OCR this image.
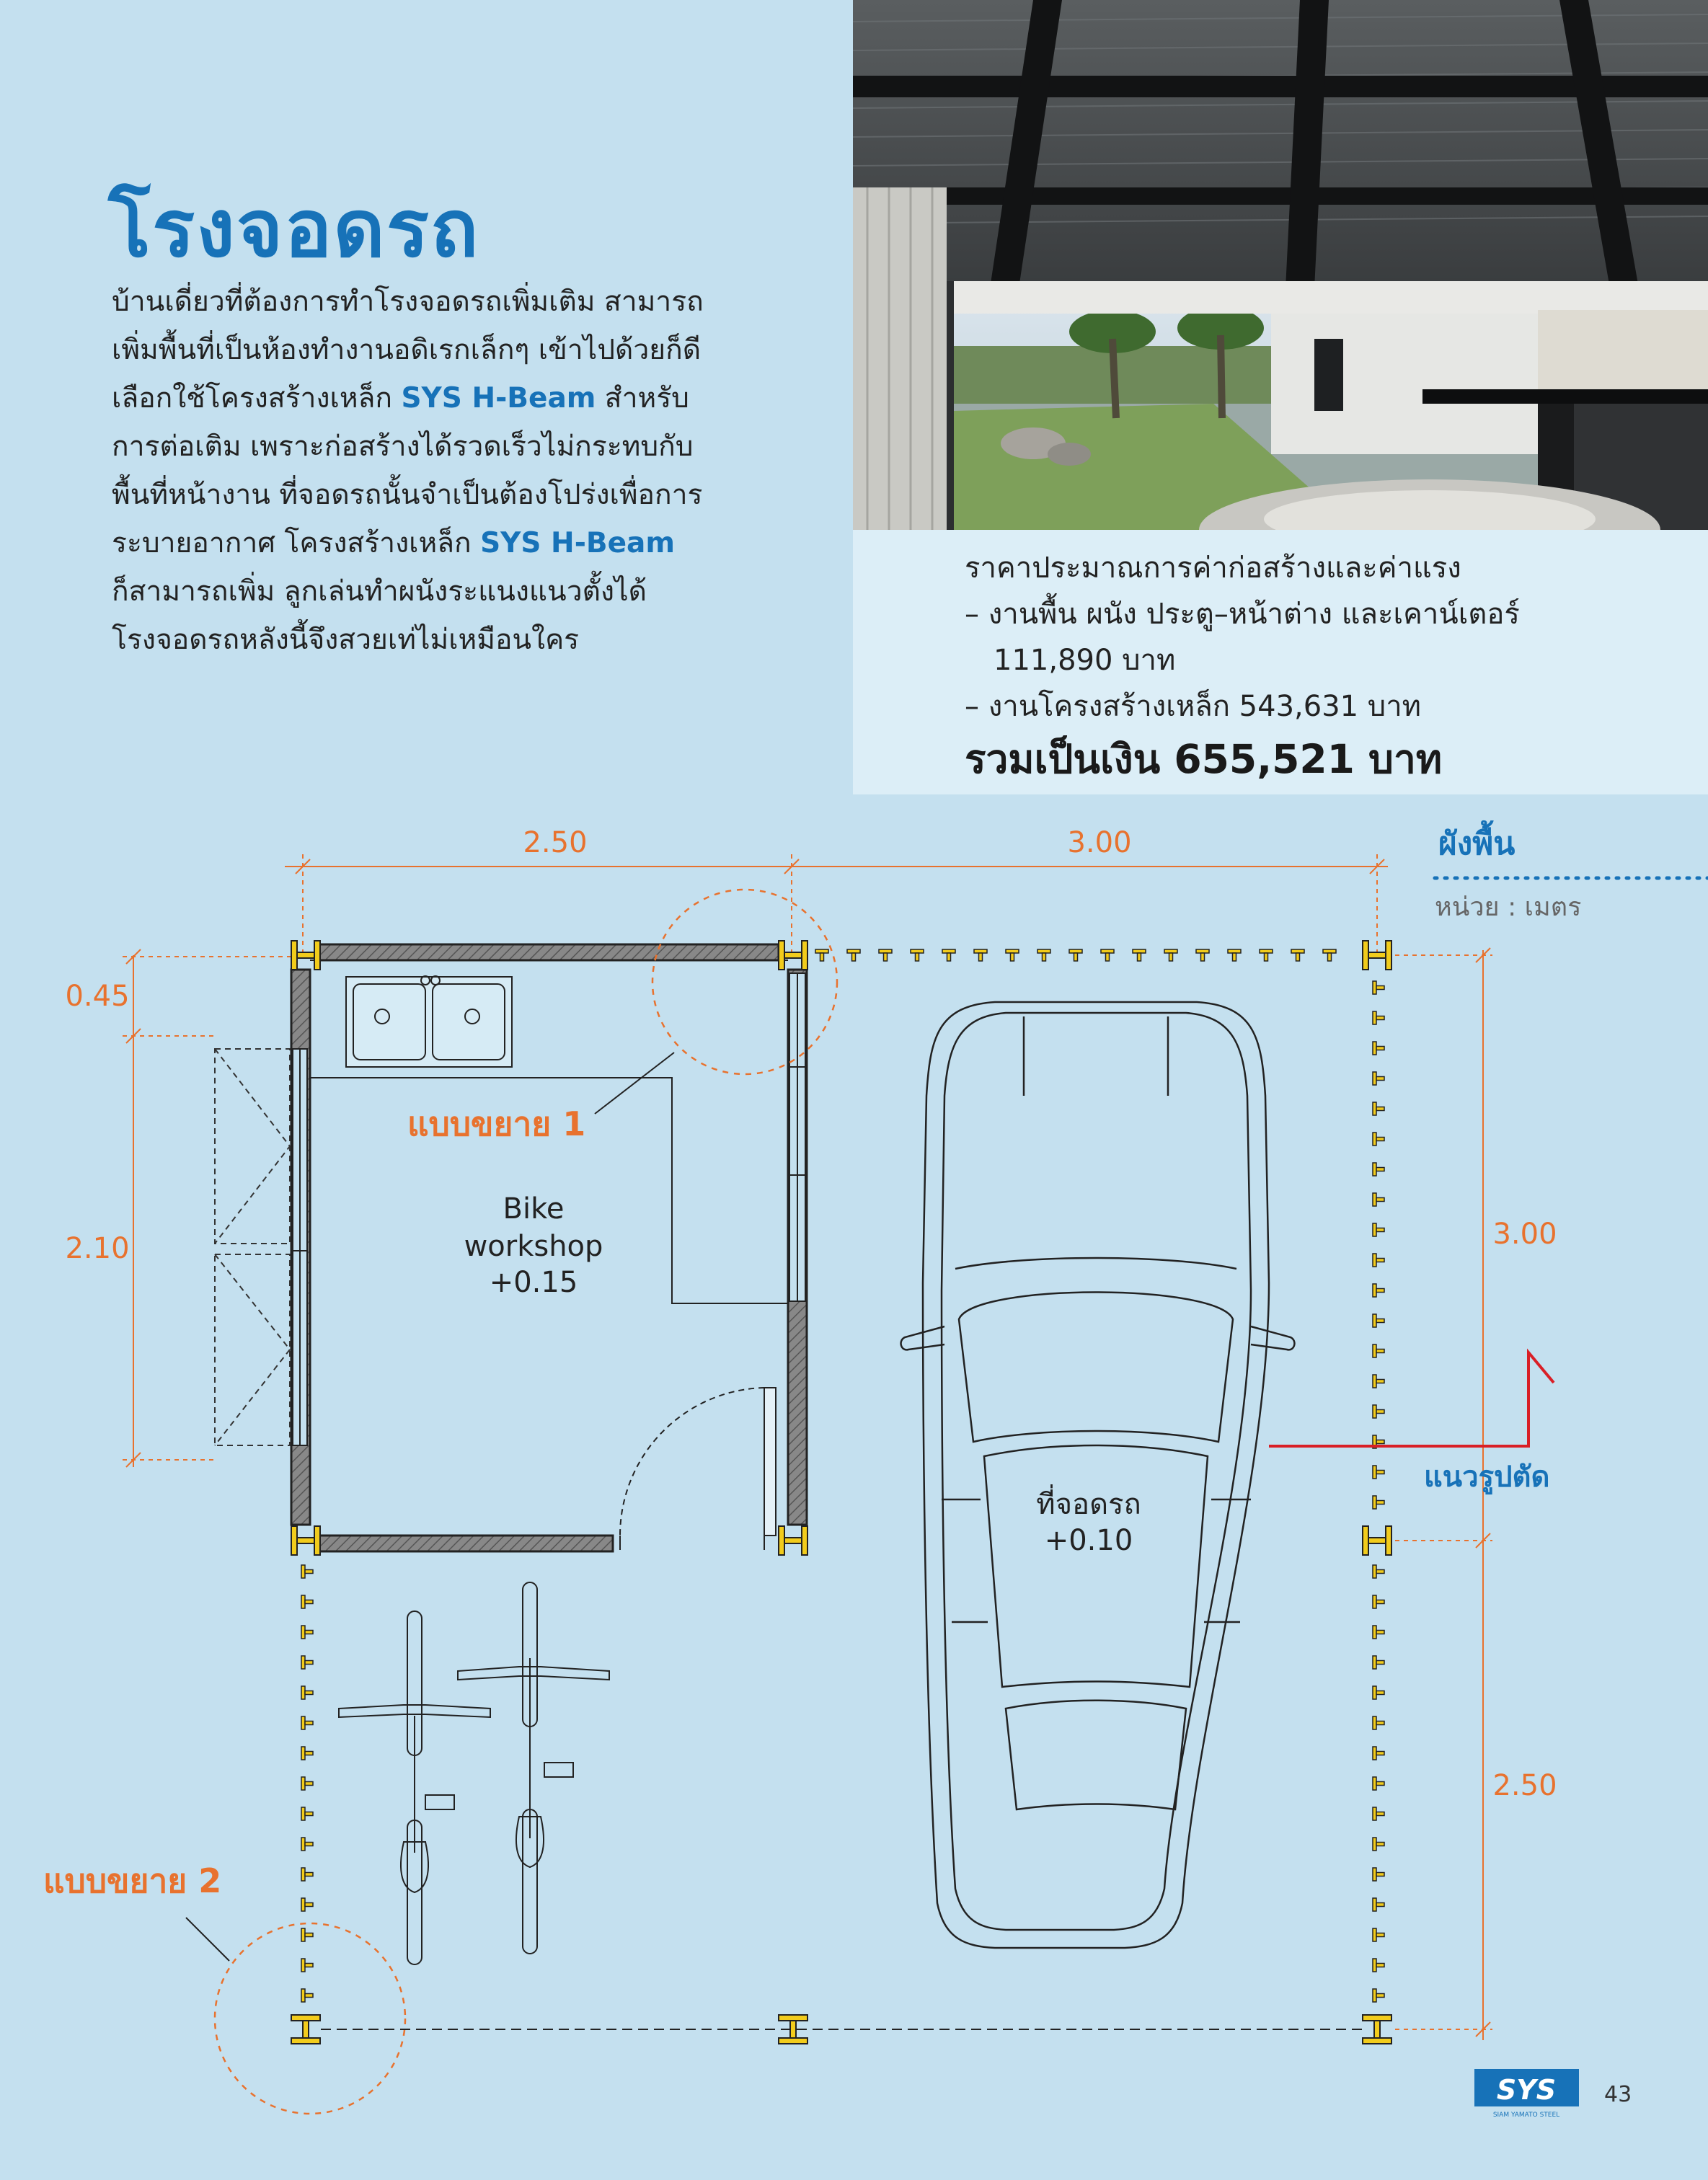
โรงจอดรถ

บ้านเดี่ยวที่ต้องการทำโรงจอดรถเพิ่มเติม สามารถ

เพิ่มพื้นที่เป็นห้องทำงานอดิเรกเล็กๆ เข้าไปด้วยก็ดี

เลือกใช้โครงสร้างเหล็ก SYS H-Beam สำหรับ

การต่อเติม เพราะก่อสร้างได้รวดเร็วไม่กระทบกับ

พื้นที่หน้างาน ที่จอดรถนั้นจำเป็นต้องโปร่งเพื่อการ

ระบายอากาศ โครงสร้างเหล็ก SYS H-Beam

ก็สามารถเพิ่ม ลูกเล่นทำผนังระแนงแนวตั้งได้

โรงจอดรถหลังนี้จึงสวยเท่ไม่เหมือนใคร

ราคาประมาณการค่าก่อสร้างและค่าแรง
– งานพื้น ผนัง ประตู–หน้าต่าง และเคาน์เตอร์
111,890 บาท
– งานโครงสร้างเหล็ก 543,631 บาท
รวมเป็นเงิน 655,521 บาท
ผังพื้น
หน่วย : เมตร
2.50	3.00
0.45
2.10	3.00
2.50
Bike
workshop
+0.15
แบบขยาย 1
แบบขยาย 2
ที่จอดรถ
+0.10
แนวรูปตัด
SYS
SIAM YAMATO STEEL
43
